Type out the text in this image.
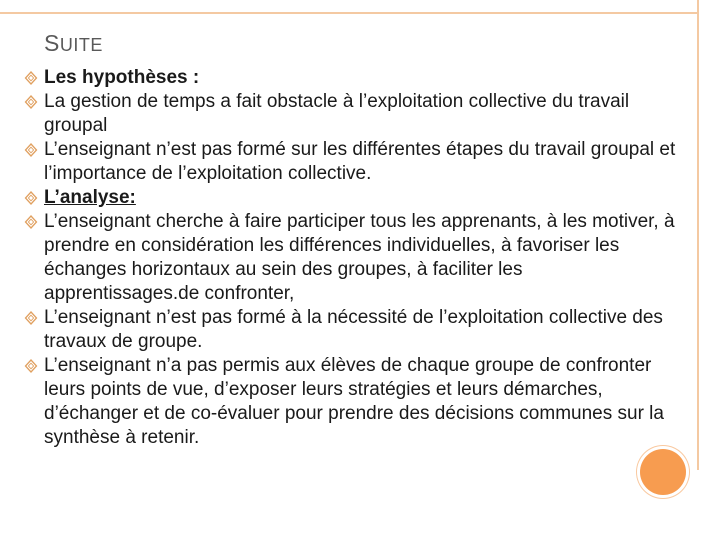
SUITE
Les hypothèses :
La gestion de temps a fait obstacle à l’exploitation collective du travail groupal
L’enseignant n’est pas formé sur les différentes étapes du travail groupal et l’importance de l’exploitation collective.
L’analyse:
L’enseignant cherche à faire participer tous les apprenants, à les motiver, à prendre en considération les différences individuelles, à favoriser les échanges horizontaux au sein des groupes, à faciliter les apprentissages.de confronter,
L’enseignant n’est pas formé à la nécessité de l’exploitation collective des travaux de groupe.
L’enseignant n’a pas permis aux élèves de chaque groupe de confronter leurs points de vue, d’exposer leurs stratégies et leurs démarches, d’échanger et de co-évaluer pour prendre des décisions communes sur la synthèse à retenir.
